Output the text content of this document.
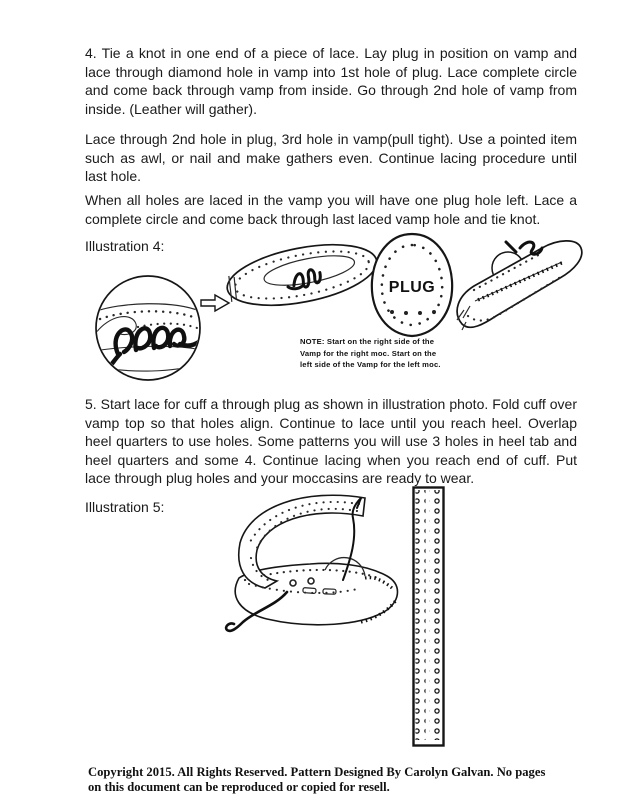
4. Tie a knot in one end of a piece of lace. Lay plug in position on vamp and lace through diamond hole in vamp into 1st hole of plug. Lace complete circle and come back through vamp from inside. Go through 2nd hole of vamp from inside. (Leather will gather).

Lace through 2nd hole in plug, 3rd hole in vamp(pull tight). Use a pointed item such as awl, or nail and make gathers even. Continue lacing procedure until last hole.

When all holes are laced in the vamp you will have one plug hole left. Lace a complete circle and come back through last laced vamp hole and tie knot.

Illustration 4:
PLUG
NOTE: Start on the right side of the
Vamp for the right moc. Start on the
left side of the Vamp for the left moc.

5. Start lace for cuff a through plug as shown in illustration photo. Fold cuff over vamp top so that holes align. Continue to lace until you reach heel. Overlap heel quarters to use holes. Some patterns you will use 3 holes in heel tab and heel quarters and some 4. Continue lacing when you reach end of cuff. Put lace through plug holes and your moccasins are ready to wear.

Illustration 5:
Copyright 2015. All Rights Reserved. Pattern Designed By Carolyn Galvan. No pages
on this document can be reproduced or copied for resell.
